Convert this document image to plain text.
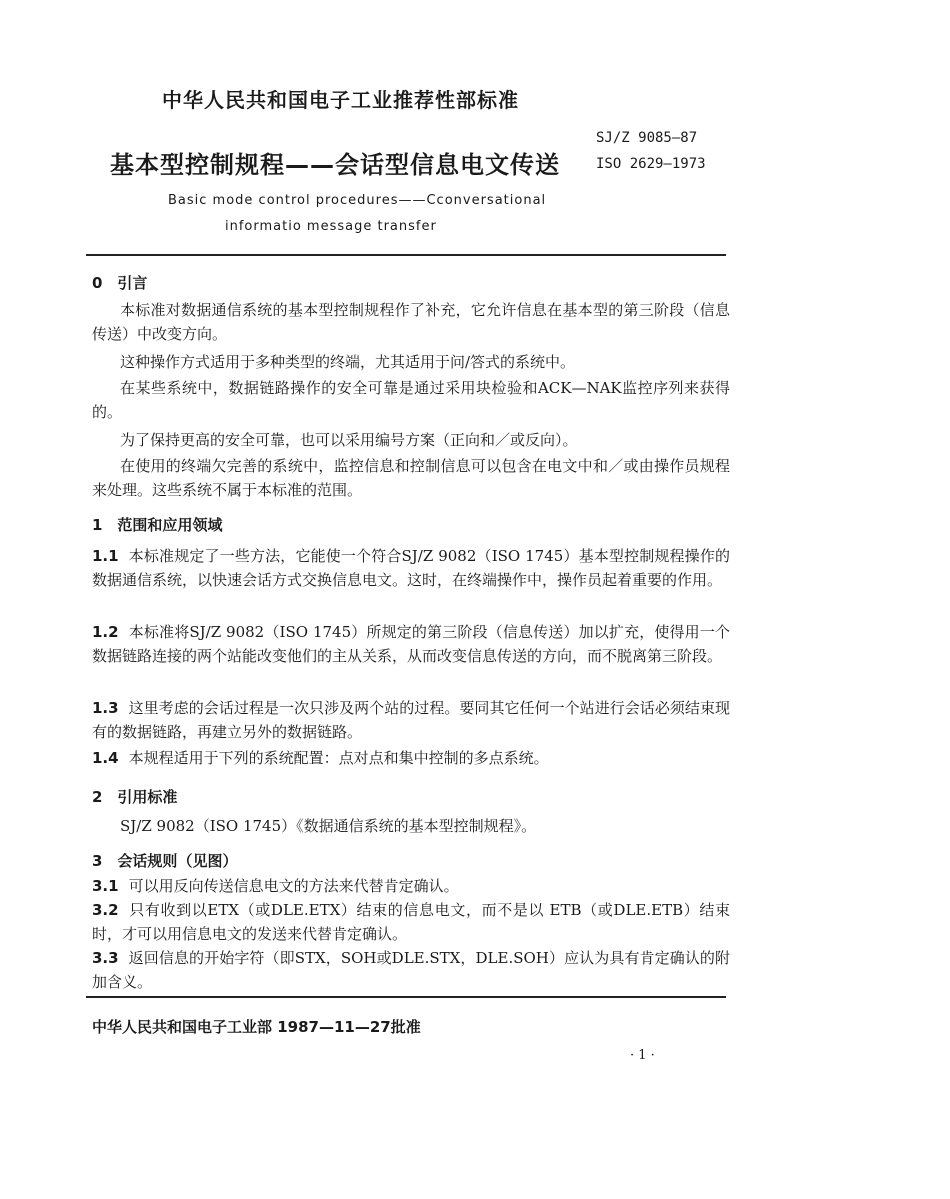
中华人民共和国电子工业推荐性部标准
基本型控制规程——会话型信息电文传送
SJ/Z 9085—87
ISO 2629—1973
Basic mode control procedures——Cconversational
informatio message transfer
0　引言
本标准对数据通信系统的基本型控制规程作了补充，它允许信息在基本型的第三阶段（信息传送）中改变方向。
这种操作方式适用于多种类型的终端，尤其适用于问/答式的系统中。
在某些系统中，数据链路操作的安全可靠是通过采用块检验和ACK—NAK监控序列来获得的。
为了保持更高的安全可靠，也可以采用编号方案（正向和／或反向）。
在使用的终端欠完善的系统中，监控信息和控制信息可以包含在电文中和／或由操作员规程来处理。这些系统不属于本标准的范围。
1　范围和应用领域
1.1 本标准规定了一些方法，它能使一个符合SJ/Z 9082（ISO 1745）基本型控制规程操作的数据通信系统，以快速会话方式交换信息电文。这时，在终端操作中，操作员起着重要的作用。
1.2 本标准将SJ/Z 9082（ISO 1745）所规定的第三阶段（信息传送）加以扩充，使得用一个数据链路连接的两个站能改变他们的主从关系，从而改变信息传送的方向，而不脱离第三阶段。
1.3 这里考虑的会话过程是一次只涉及两个站的过程。要同其它任何一个站进行会话必须结束现有的数据链路，再建立另外的数据链路。
1.4 本规程适用于下列的系统配置：点对点和集中控制的多点系统。
2　引用标准
SJ/Z 9082（ISO 1745）《数据通信系统的基本型控制规程》。
3　会话规则（见图）
3.1 可以用反向传送信息电文的方法来代替肯定确认。
3.2 只有收到以ETX（或DLE.ETX）结束的信息电文，而不是以 ETB（或DLE.ETB）结束时，才可以用信息电文的发送来代替肯定确认。
3.3 返回信息的开始字符（即STX，SOH或DLE.STX，DLE.SOH）应认为具有肯定确认的附加含义。
中华人民共和国电子工业部 1987—11—27批准
· 1 ·
